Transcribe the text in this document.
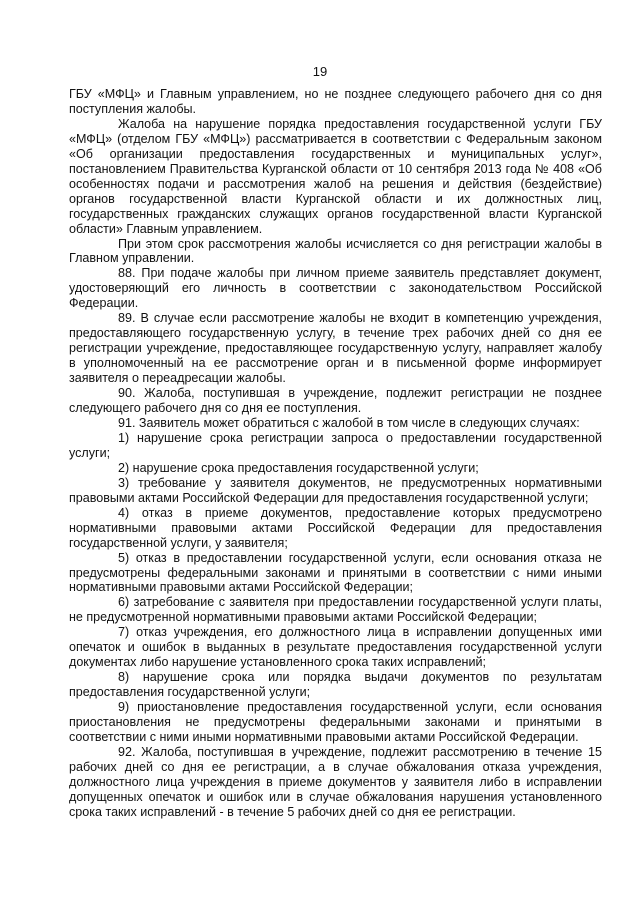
19

ГБУ «МФЦ» и Главным управлением, но не позднее следующего рабочего дня со дня поступления жалобы.

Жалоба на нарушение порядка предоставления государственной услуги ГБУ «МФЦ» (отделом ГБУ «МФЦ») рассматривается в соответствии с Федеральным законом «Об организации предоставления государственных и муниципальных услуг», постановлением Правительства Курганской области от 10 сентября 2013 года № 408 «Об особенностях подачи и рассмотрения жалоб на решения и действия (бездействие) органов государственной власти Курганской области и их должностных лиц, государственных гражданских служащих органов государственной власти Курганской области» Главным управлением.

При этом срок рассмотрения жалобы исчисляется со дня регистрации жалобы в Главном управлении.

88. При подаче жалобы при личном приеме заявитель представляет документ, удостоверяющий его личность в соответствии с законодательством Российской Федерации.

89. В случае если рассмотрение жалобы не входит в компетенцию учреждения, предоставляющего государственную услугу, в течение трех рабочих дней со дня ее регистрации учреждение, предоставляющее государственную услугу, направляет жалобу в уполномоченный на ее рассмотрение орган и в письменной форме информирует заявителя о переадресации жалобы.

90. Жалоба, поступившая в учреждение, подлежит регистрации не позднее следующего рабочего дня со дня ее поступления.

91. Заявитель может обратиться с жалобой в том числе в следующих случаях:

1) нарушение срока регистрации запроса о предоставлении государственной услуги;

2) нарушение срока предоставления государственной услуги;

3) требование у заявителя документов, не предусмотренных нормативными правовыми актами Российской Федерации для предоставления государственной услуги;

4) отказ в приеме документов, предоставление которых предусмотрено нормативными правовыми актами Российской Федерации для предоставления государственной услуги, у заявителя;

5) отказ в предоставлении государственной услуги, если основания отказа не предусмотрены федеральными законами и принятыми в соответствии с ними иными нормативными правовыми актами Российской Федерации;

6) затребование с заявителя при предоставлении государственной услуги платы, не предусмотренной нормативными правовыми актами Российской Федерации;

7) отказ учреждения, его должностного лица в исправлении допущенных ими опечаток и ошибок в выданных в результате предоставления государственной услуги документах либо нарушение установленного срока таких исправлений;

8) нарушение срока или порядка выдачи документов по результатам предоставления государственной услуги;

9) приостановление предоставления государственной услуги, если основания приостановления не предусмотрены федеральными законами и принятыми в соответствии с ними иными нормативными правовыми актами Российской Федерации.

92. Жалоба, поступившая в учреждение, подлежит рассмотрению в течение 15 рабочих дней со дня ее регистрации, а в случае обжалования отказа учреждения, должностного лица учреждения в приеме документов у заявителя либо в исправлении допущенных опечаток и ошибок или в случае обжалования нарушения установленного срока таких исправлений - в течение 5 рабочих дней со дня ее регистрации.
